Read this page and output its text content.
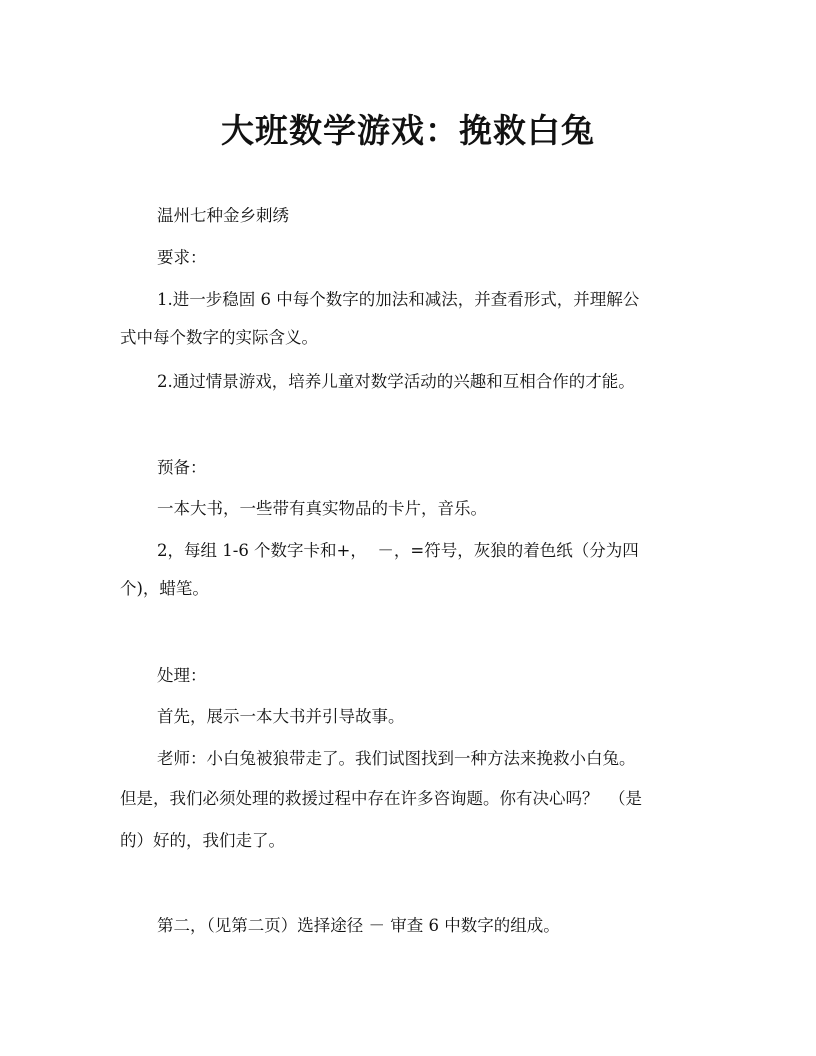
大班数学游戏：挽救白兔
温州七种金乡刺绣
要求：
1.进一步稳固 6 中每个数字的加法和减法，并查看形式，并理解公
式中每个数字的实际含义。
2.通过情景游戏，培养儿童对数学活动的兴趣和互相合作的才能。
预备：
一本大书，一些带有真实物品的卡片，音乐。
2，每组 1-6 个数字卡和+，  －，=符号，灰狼的着色纸（分为四
个)，蜡笔。
处理：
首先，展示一本大书并引导故事。
老师：小白兔被狼带走了。我们试图找到一种方法来挽救小白兔。
但是，我们必须处理的救援过程中存在许多咨询题。你有决心吗？  （是
的）好的，我们走了。
第二，（见第二页）选择途径 － 审查 6 中数字的组成。
